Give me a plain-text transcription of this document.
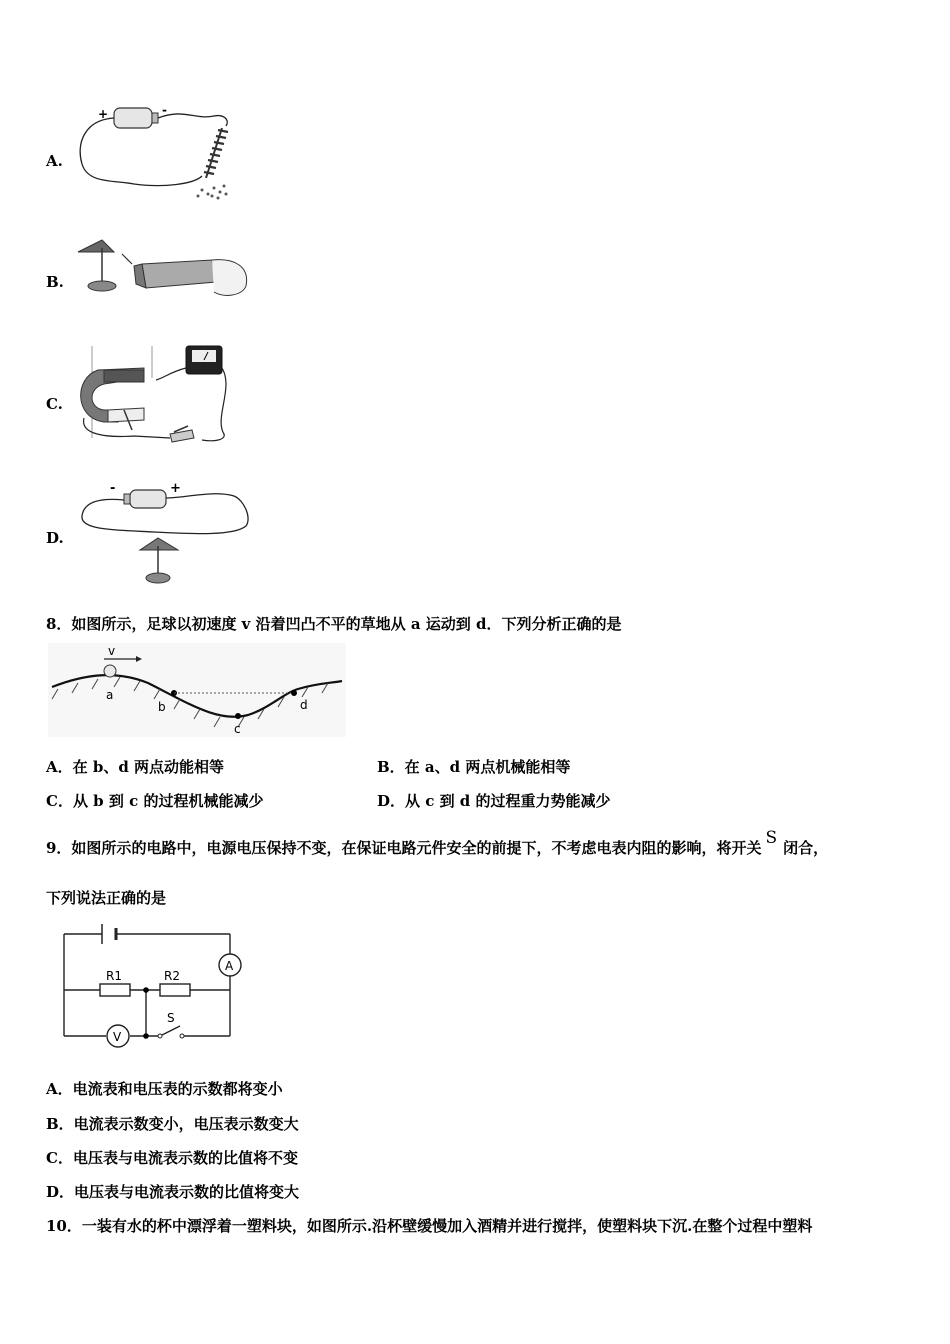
A.
+	-
B.
C.
D.
-	+
8．如图所示，足球以初速度 v 沿着凹凸不平的草地从 a 运动到 d．下列分析正确的是
v
a
b
c
d
A．在 b、d 两点动能相等	B．在 a、d 两点机械能相等
C．从 b 到 c 的过程机械能减少	D．从 c 到 d 的过程重力势能减少
9．如图所示的电路中，电源电压保持不变，在保证电路元件安全的前提下，不考虑电表内阻的影响，将开关 S 闭合，
下列说法正确的是
A
R1	R2
V
S
A．电流表和电压表的示数都将变小
B．电流表示数变小，电压表示数变大
C．电压表与电流表示数的比值将不变
D．电压表与电流表示数的比值将变大
10．一装有水的杯中漂浮着一塑料块，如图所示.沿杯壁缓慢加入酒精并进行搅拌，使塑料块下沉.在整个过程中塑料
